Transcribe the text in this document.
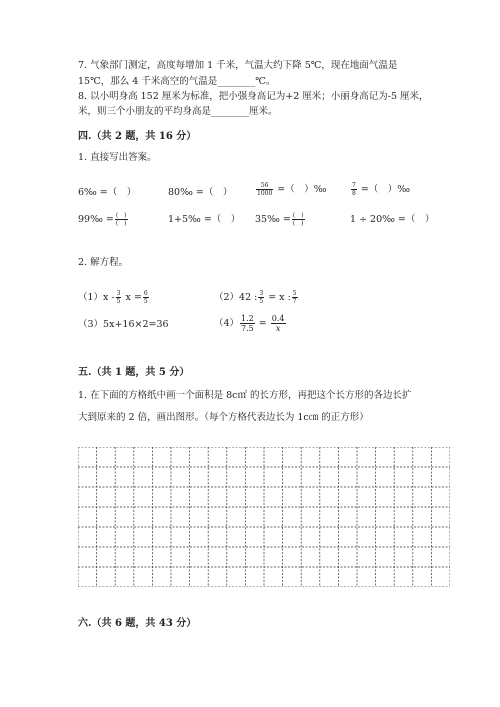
7. 气象部门测定，高度每增加 1 千米，气温大约下降 5℃，现在地面气温是
15℃，那么 4 千米高空的气温是________℃。
8. 以小明身高 152 厘米为标准，把小强身高记为+2 厘米；小丽身高记为-5 厘米，
米，则三个小朋友的平均身高是________厘米。
四.（共 2 题，共 16 分）
1. 直接写出答案。
6‰ =（　）	80‰ =（　）	$\frac{56}{1000}$ =（　）‰	$\frac{7}{8}$ =（　）‰
99‰ = $\frac{( )}{( )}$	1+5‰ =（　） 35‰ = $\frac{( )}{( )}$	1 ÷ 20‰ =（　）
2. 解方程。
$(1)x - \frac{3}{5}$ $x = \frac{6}{5}$	（2）42 : $\frac{3}{5} = x$ : $\frac{5}{7}$
（3）5x+16×2=36	$(4) \frac{1.2}{7.5} = \frac{0.4}{x}$
五.（共 1 题，共 5 分）
1. 在下面的方格纸中画一个面积是 8c㎡ 的长方形，再把这个长方形的各边长扩
大到原来的 2 倍，画出图形。（每个方格代表边长为 1c㎝ 的正方形）
六.（共 6 题，共 43 分）
